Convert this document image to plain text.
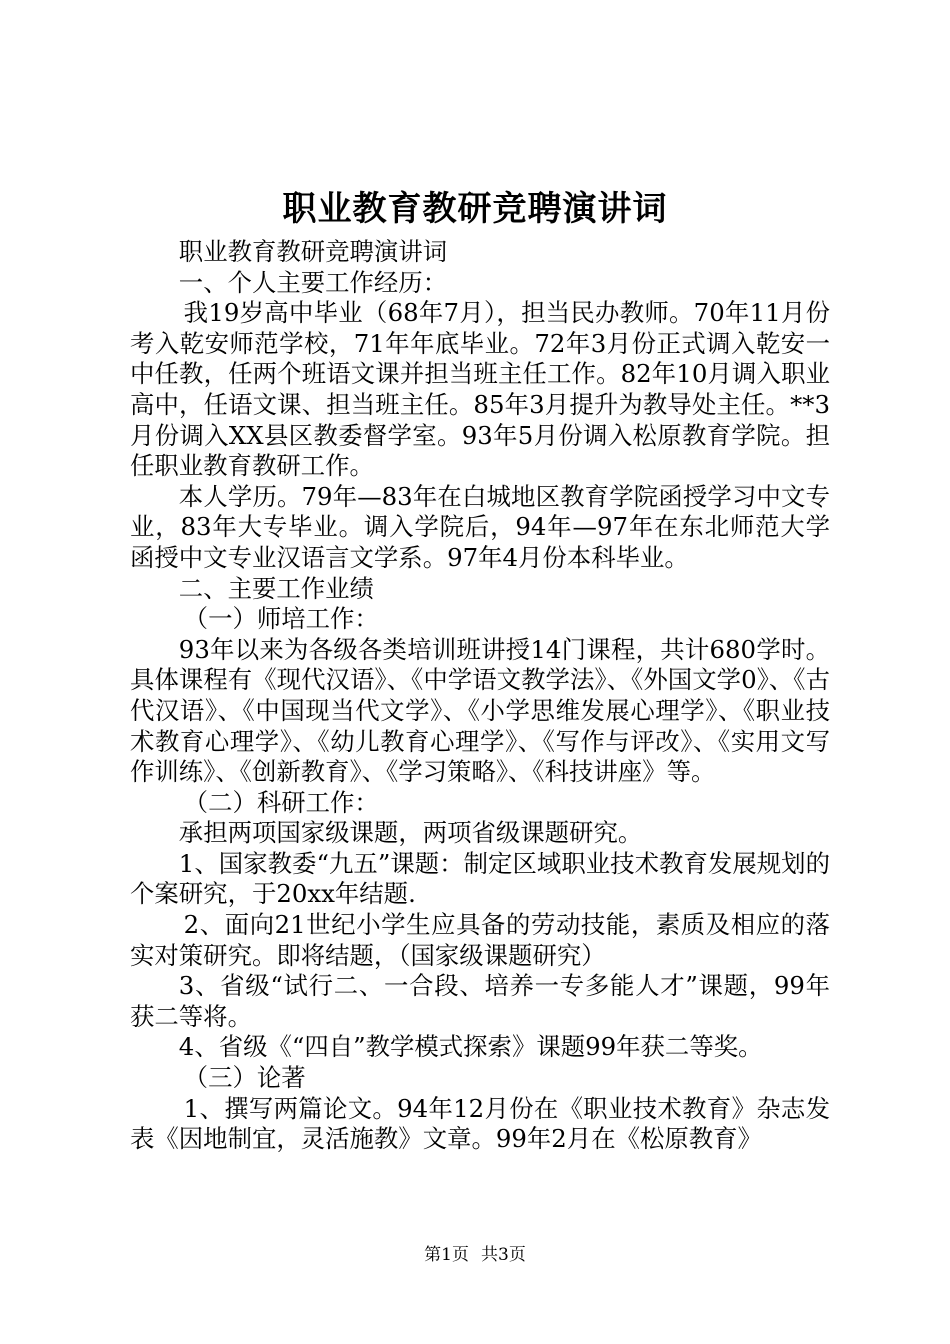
职业教育教研竞聘演讲词

职业教育教研竞聘演讲词

一、个人主要工作经历：

我19岁高中毕业（68年7月），担当民办教师。70年11月份考入乾安师范学校，71年年底毕业。72年3月份正式调入乾安一中任教，任两个班语文课并担当班主任工作。82年10月调入职业高中，任语文课、担当班主任。85年3月提升为教导处主任。**3月份调入XX县区教委督学室。93年5月份调入松原教育学院。担任职业教育教研工作。

本人学历。79年—83年在白城地区教育学院函授学习中文专业，83年大专毕业。调入学院后，94年—97年在东北师范大学函授中文专业汉语言文学系。97年4月份本科毕业。

二、主要工作业绩

（一）师培工作：

93年以来为各级各类培训班讲授14门课程，共计680学时。具体课程有《现代汉语》、《中学语文教学法》、《外国文学0》、《古代汉语》、《中国现当代文学》、《小学思维发展心理学》、《职业技术教育心理学》、《幼儿教育心理学》、《写作与评改》、《实用文写作训练》、《创新教育》、《学习策略》、《科技讲座》等。

（二）科研工作：

承担两项国家级课题，两项省级课题研究。

1、国家教委“九五”课题：制定区域职业技术教育发展规划的个案研究，于20xx年结题.

2、面向21世纪小学生应具备的劳动技能，素质及相应的落实对策研究。即将结题，（国家级课题研究）

3、省级“试行二、一合段、培养一专多能人才”课题，99年获二等将。

4、省级《“四自”教学模式探索》课题99年获二等奖。

（三）论著

1、撰写两篇论文。94年12月份在《职业技术教育》杂志发表《因地制宜，灵活施教》文章。99年2月在《松原教育》

第1页 共3页
